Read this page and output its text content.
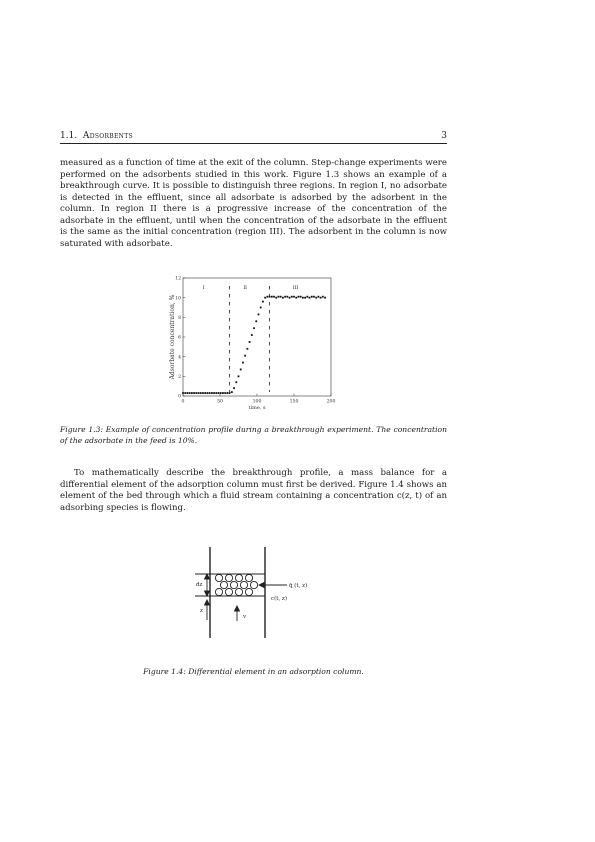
1.1. Adsorbents	3

measured as a function of time at the exit of the column. Step-change experiments were performed on the adsorbents studied in this work. Figure 1.3 shows an example of a breakthrough curve. It is possible to distinguish three regions. In region I, no adsorbate is detected in the effluent, since all adsorbate is adsorbed by the adsorbent in the column. In region II there is a progressive increase of the concentration of the adsorbate in the effluent, until when the concentration of the adsorbate in the effluent is the same as the initial concentration (region III). The adsorbent in the column is now saturated with adsorbate.

0	50	100	150	200
0
2
4
6
8
10
12
I	II	III
Adsorbate concentration, %
time, s

Figure 1.3: Example of concentration profile during a breakthrough experiment. The concentration of the adsorbate in the feed is 10%.

To mathematically describe the breakthrough profile, a mass balance for a differential element of the adsorption column must first be derived. Figure 1.4 shows an element of the bed through which a fluid stream containing a concentration c(z, t) of an adsorbing species is flowing.

dz
z
v
q̄ (t, z)
c(t, z)

Figure 1.4: Differential element in an adsorption column.
